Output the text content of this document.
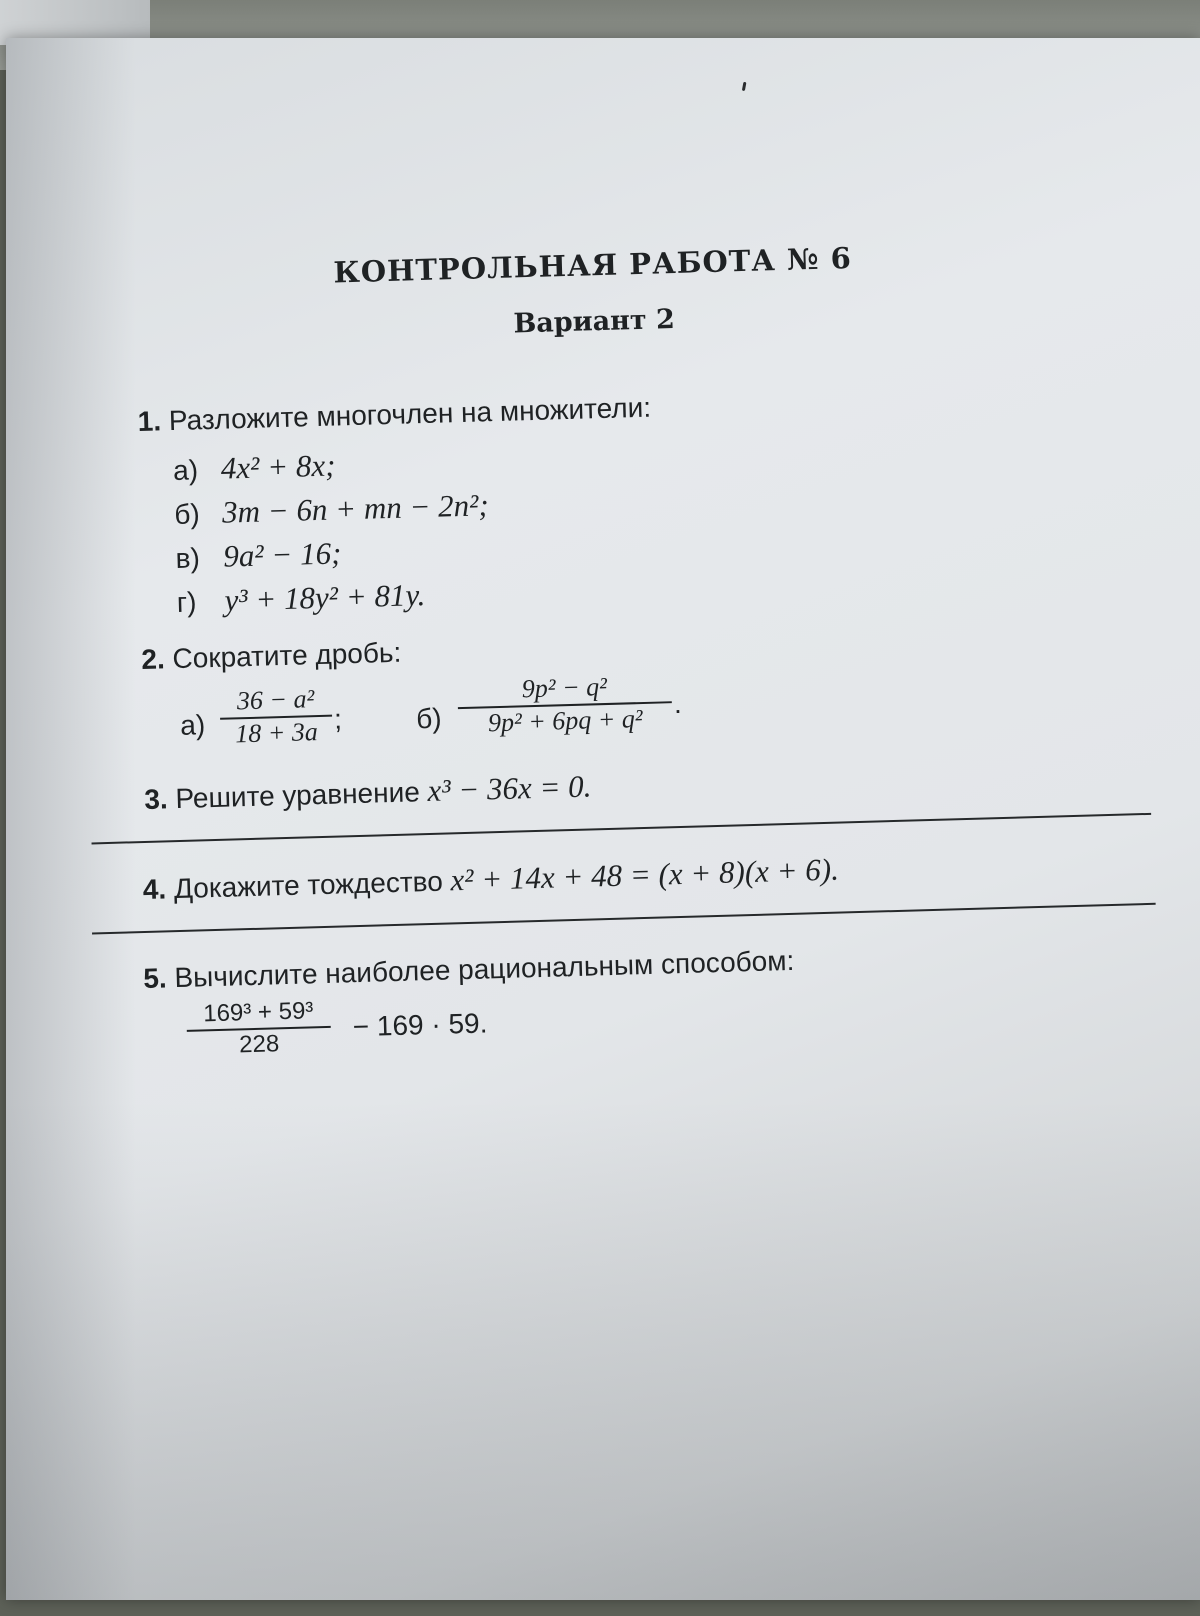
КОНТРОЛЬНАЯ РАБОТА № 6
Вариант 2
1. Разложите многочлен на множители:
а) 4x² + 8x;
б) 3m − 6n + mn − 2n²;
в) 9a² − 16;
г) y³ + 18y² + 81y.
2. Сократите дробь:
а)
36 − a²
18 + 3a ;	б)
9p² − q²
9p² + 6pq + q²
.
3. Решите уравнение x³ − 36x = 0.
4. Докажите тождество x² + 14x + 48 = (x + 8)(x + 6).
5. Вычислите наиболее рациональным способом:
169³ + 59³
228
− 169 · 59.
